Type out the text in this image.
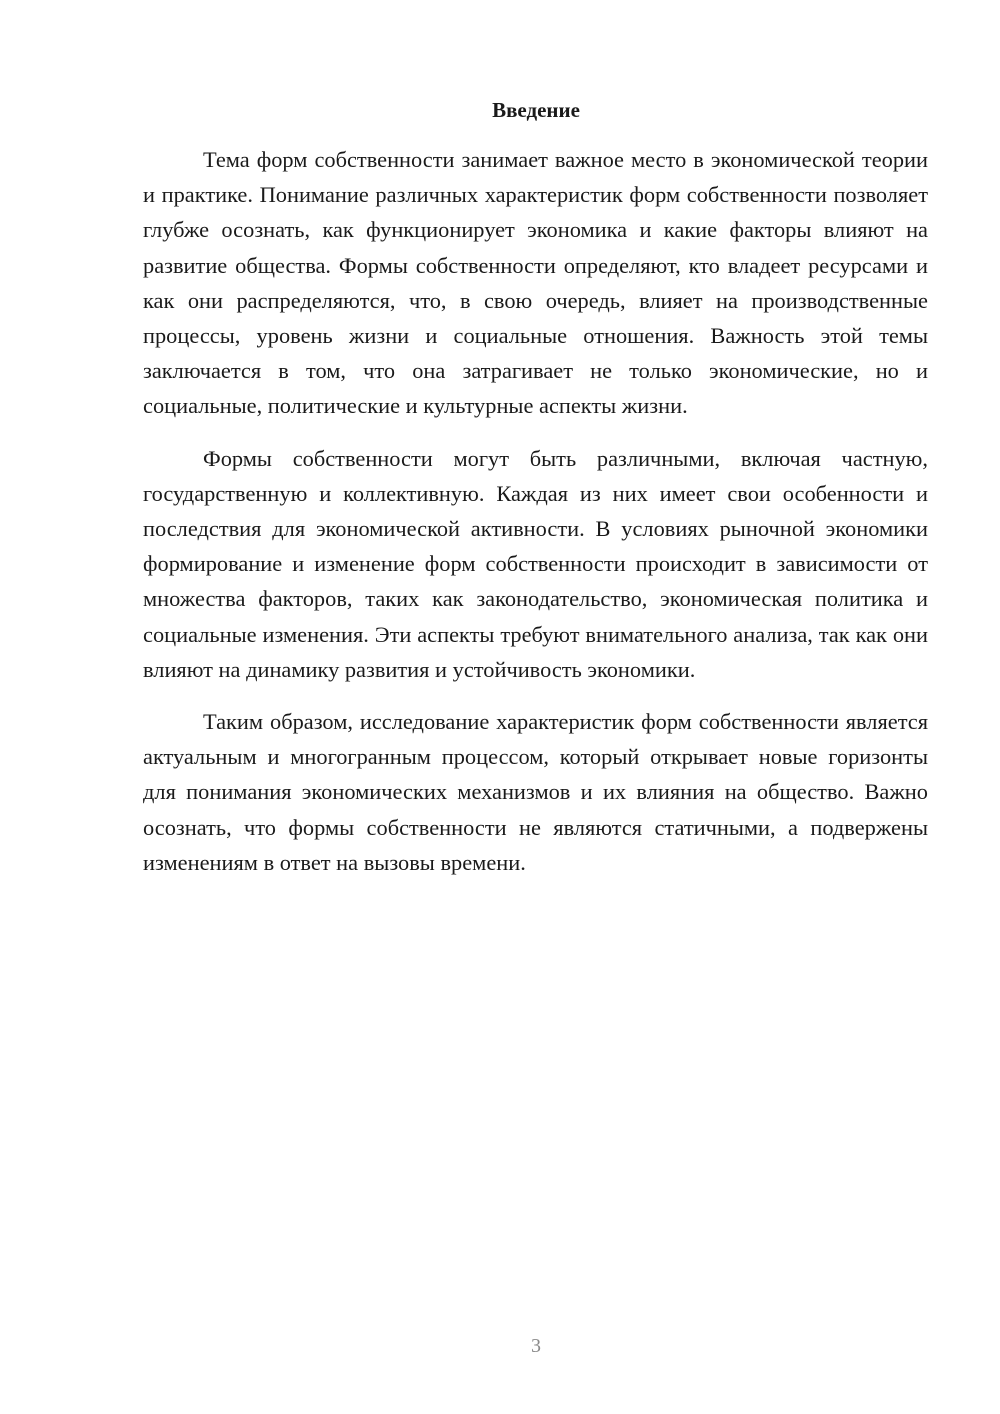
Введение

Тема форм собственности занимает важное место в экономической теории и практике. Понимание различных характеристик форм собственности позволяет глубже осознать, как функционирует экономика и какие факторы влияют на развитие общества. Формы собственности определяют, кто владеет ресурсами и как они распределяются, что, в свою очередь, влияет на производственные процессы, уровень жизни и социальные отношения. Важность этой темы заключается в том, что она затрагивает не только экономические, но и социальные, политические и культурные аспекты жизни.

Формы собственности могут быть различными, включая частную, государственную и коллективную. Каждая из них имеет свои особенности и последствия для экономической активности. В условиях рыночной экономики формирование и изменение форм собственности происходит в зависимости от множества факторов, таких как законодательство, экономическая политика и социальные изменения. Эти аспекты требуют внимательного анализа, так как они влияют на динамику развития и устойчивость экономики.

Таким образом, исследование характеристик форм собственности является актуальным и многогранным процессом, который открывает новые горизонты для понимания экономических механизмов и их влияния на общество. Важно осознать, что формы собственности не являются статичными, а подвержены изменениям в ответ на вызовы времени.

3
